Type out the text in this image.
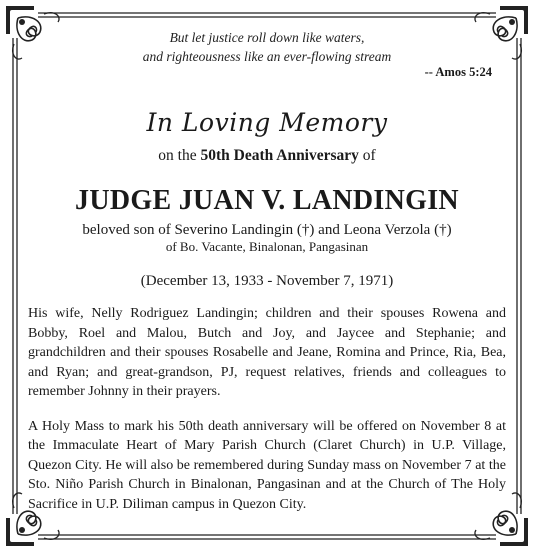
But let justice roll down like waters,
and righteousness like an ever-flowing stream
-- Amos 5:24
In Loving Memory
on the 50th Death Anniversary of
JUDGE JUAN V. LANDINGIN
beloved son of Severino Landingin (†) and Leona Verzola (†)
of Bo. Vacante, Binalonan, Pangasinan
(December 13, 1933 - November 7, 1971)
His wife, Nelly Rodriguez Landingin; children and their spouses Rowena and Bobby, Roel and Malou, Butch and Joy, and Jaycee and Stephanie; and grandchildren and their spouses Rosabelle and Jeane, Romina and Prince, Ria, Bea, and Ryan; and great-grandson, PJ, request relatives, friends and colleagues to remember Johnny in their prayers.
A Holy Mass to mark his 50th death anniversary will be offered on November 8 at the Immaculate Heart of Mary Parish Church (Claret Church) in U.P. Village, Quezon City. He will also be remembered during Sunday mass on November 7 at the Sto. Niño Parish Church in Binalonan, Pangasinan and at the Church of The Holy Sacrifice in U.P. Diliman campus in Quezon City.
